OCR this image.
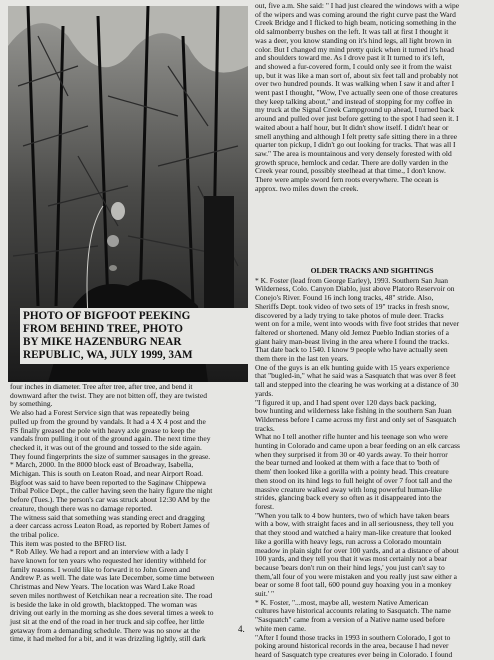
PHOTO OF BIGFOOT PEEKING
FROM BEHIND TREE, PHOTO
BY MIKE HAZENBURG NEAR
REPUBLIC, WA, JULY 1999, 3AM

four inches in diameter. Tree after tree, after tree, and bend it
downward after the twist. They are not bitten off, they are twisted
by something.
We also had a Forest Service sign that was repeatedly being
pulled up from the ground by vandals. It had a 4 X 4 post and the
FS finally greased the pole with heavy axle grease to keep the
vandals from pulling it out of the ground again. The next time they
checked it, it was out of the ground and tossed to the side again.
They found fingerprints the size of summer sausages in the grease.
* March, 2000. In the 8000 block east of Broadway, Isabella,
Michigan. This is south on Leaton Road, and near Airport Road.
Bigfoot was said to have been reported to the Saginaw Chippewa
Tribal Police Dept., the caller having seen the hairy figure the night
before (Tues.). The person's car was struck about 12:30 AM by the
creature, though there was no damage reported.
The witness said that something was standing erect and dragging
a deer carcass across Leaton Road, as reported by Robert James of
the tribal police.
This item was posted to the BFRO list.
* Rob Alley. We had a report and an interview with a lady I
have known for ten years who requested her identity withheld for
family reasons. I would like to forward it to John Green and
Andrew P. as well. The date was late December, some time between
Christmas and New Years. The location was Ward Lake Road
seven miles northwest of Ketchikan near a recreation site. The road
is beside the lake in old growth, blacktopped. The woman was
driving out early in the morning as she does several times a week to
just sit at the end of the road in her truck and sip coffee, her little
getaway from a demanding schedule. There was no snow at the
time, it had melted for a bit, and it was drizzling lightly, still dark

out, five a.m. She said: " I had just cleared the windows with a wipe
of the wipers and was coming around the right curve past the Ward
Creek Bridge and I flicked to high beam, noticing something in the
old salmonberry bushes on the left. It was tall at first I thought it
was a deer, you know standing on it's hind legs, all light brown in
color. But I changed my mind pretty quick when it turned it's head
and shoulders toward me. As I drove past it It turned to it's left,
and showed a fur-covered form, I could only see it from the waist
up, but it was like a man sort of, about six feet tall and probably not
over two hundred pounds. It was walking when I saw it and after I
went past I thought, "Wow, I've actually seen one of those creatures
they keep talking about," and instead of stopping for my coffee in
my truck at the Signal Creek Campground up ahead, I turned back
around and pulled over just before getting to the spot I had seen it. I
waited about a half hour, but It didn't show itself. I didn't hear or
smell anything and although I felt pretty safe sitting there in a three
quarter ton pickup, I didn't go out looking for tracks. That was all I
saw." The area is mountainous and very densely forested with old
growth spruce, hemlock and cedar. There are dolly varden in the
Creek year round, possibly steelhead at that time., I don't know.
There were ample sword fern roots everywhere. The ocean is
approx. two miles down the creek.

OLDER TRACKS AND SIGHTINGS

* K. Foster (lead from George Earley), 1993. Southern San Juan
Wilderness, Colo. Canyon Diablo, just above Platoro Reservoir on
Conejo's River. Found 16 inch long tracks, 48" stride. Also,
Sheriffs Dept. took video of two sets of 19" tracks in fresh snow,
discovered by a lady trying to take photos of mule deer. Tracks
went on for a mile, went into woods with five foot strides that never
faltered or shortened. Many old Jemez Pueblo Indian stories of a
giant hairy man-beast living in the area where I found the tracks.
That date back to 1540. I know 9 people who have actually seen
them there in the last ten years.
One of the guys is an elk hunting guide with 15 years experience
that "bugled-in," what he said was a Sasquatch that was over 8 feet
tall and stepped into the clearing he was working at a distance of 30
yards.
"I figured it up, and I had spent over 120 days back packing,
bow hunting and wilderness lake fishing in the southern San Juan
Wilderness before I came across my first and only set of Sasquatch
tracks.
What no I tell another rifle hunter and his teenage son who were
hunting in Colorado and came upon a bear feeding on an elk carcass
when they surprised it from 30 or 40 yards away. To their horror
the bear turned and looked at them with a face that to 'both of
them' then looked like a gorilla with a pointy head. This creature
then stood on its hind legs to full height of over 7 foot tall and the
massive creature walked away with long powerful human-like
strides, glancing back every so often as it disappeared into the
forest.
"When you talk to 4 bow hunters, two of which have taken bears
with a bow, with straight faces and in all seriousness, they tell you
that they stood and watched a hairy man-like creature that looked
like a gorilla with heavy legs, run across a Colorado mountain
meadow in plain sight for over 100 yards, and at a distance of about
100 yards, and they tell you that it was most certainly not a bear
because 'bears don't run on their hind legs,' you just can't say to
them,'all four of you were mistaken and you really just saw either a
bear or some 8 foot tall, 600 pound guy hoaxing you in a monkey
suit.' "
* K. Foster, "...most, maybe all, western Native American
cultures have historical accounts relating to Sasquatch. The name
"Sasquatch" came from a version of a Native name used before
white men came.
"After I found those tracks in 1993 in southern Colorado, I got to
poking around historical records in the area, because I had never
heard of Sasquatch type creatures ever being in Colorado. I found

4.
